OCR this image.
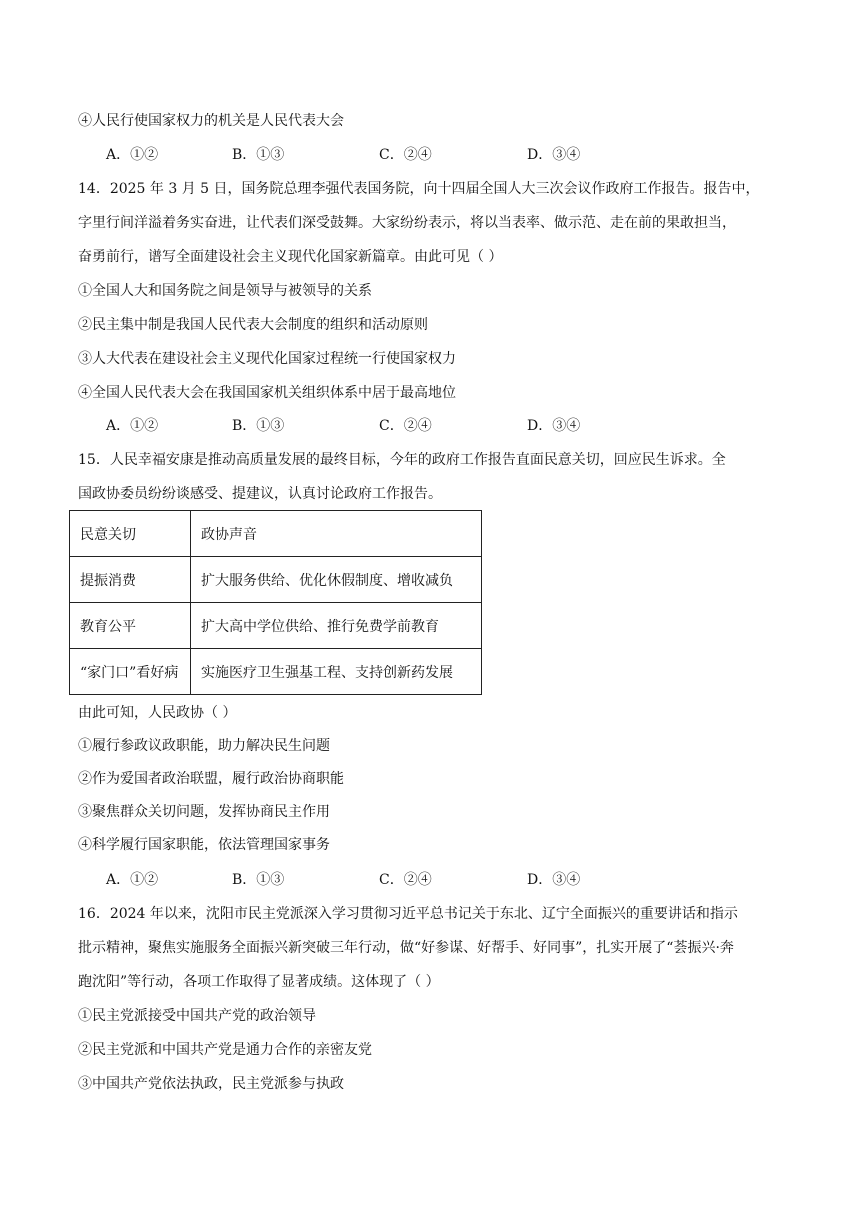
④人民行使国家权力的机关是人民代表大会
A．①②	B．①③	C．②④	D．③④
14．2025 年 3 月 5 日，国务院总理李强代表国务院，向十四届全国人大三次会议作政府工作报告。报告中，
字里行间洋溢着务实奋进，让代表们深受鼓舞。大家纷纷表示，将以当表率、做示范、走在前的果敢担当，
奋勇前行，谱写全面建设社会主义现代化国家新篇章。由此可见（ ）
①全国人大和国务院之间是领导与被领导的关系
②民主集中制是我国人民代表大会制度的组织和活动原则
③人大代表在建设社会主义现代化国家过程统一行使国家权力
④全国人民代表大会在我国国家机关组织体系中居于最高地位
A．①②	B．①③	C．②④	D．③④
15．人民幸福安康是推动高质量发展的最终目标，今年的政府工作报告直面民意关切，回应民生诉求。全
国政协委员纷纷谈感受、提建议，认真讨论政府工作报告。
民意关切	政协声音
提振消费	扩大服务供给、优化休假制度、增收减负
教育公平	扩大高中学位供给、推行免费学前教育
“家门口”看好病	实施医疗卫生强基工程、支持创新药发展
由此可知，人民政协（ ）
①履行参政议政职能，助力解决民生问题
②作为爱国者政治联盟，履行政治协商职能
③聚焦群众关切问题，发挥协商民主作用
④科学履行国家职能，依法管理国家事务
A．①②	B．①③	C．②④	D．③④
16．2024 年以来，沈阳市民主党派深入学习贯彻习近平总书记关于东北、辽宁全面振兴的重要讲话和指示
批示精神，聚焦实施服务全面振兴新突破三年行动，做“好参谋、好帮手、好同事”，扎实开展了“荟振兴·奔
跑沈阳”等行动，各项工作取得了显著成绩。这体现了（ ）
①民主党派接受中国共产党的政治领导
②民主党派和中国共产党是通力合作的亲密友党
③中国共产党依法执政，民主党派参与执政
